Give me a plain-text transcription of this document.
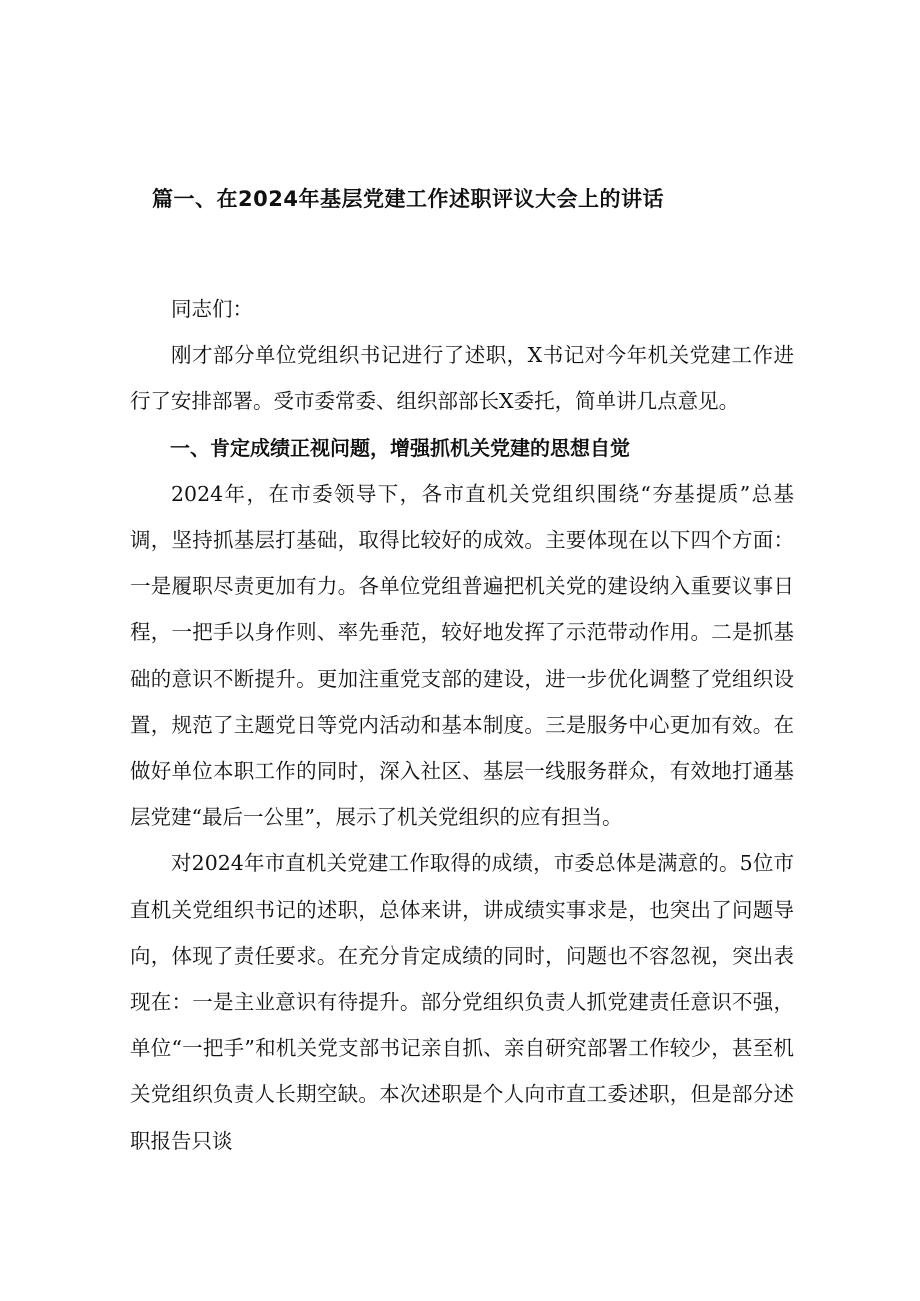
篇一、在2024年基层党建工作述职评议大会上的讲话

同志们：

刚才部分单位党组织书记进行了述职，X书记对今年机关党建工作进行了安排部署。受市委常委、组织部部长X委托，简单讲几点意见。

一、肯定成绩正视问题，增强抓机关党建的思想自觉

2024年，在市委领导下，各市直机关党组织围绕“夯基提质”总基调，坚持抓基层打基础，取得比较好的成效。主要体现在以下四个方面：一是履职尽责更加有力。各单位党组普遍把机关党的建设纳入重要议事日程，一把手以身作则、率先垂范，较好地发挥了示范带动作用。二是抓基础的意识不断提升。更加注重党支部的建设，进一步优化调整了党组织设置，规范了主题党日等党内活动和基本制度。三是服务中心更加有效。在做好单位本职工作的同时，深入社区、基层一线服务群众，有效地打通基层党建“最后一公里”，展示了机关党组织的应有担当。

对2024年市直机关党建工作取得的成绩，市委总体是满意的。5位市直机关党组织书记的述职，总体来讲，讲成绩实事求是，也突出了问题导向，体现了责任要求。在充分肯定成绩的同时，问题也不容忽视，突出表现在：一是主业意识有待提升。部分党组织负责人抓党建责任意识不强，单位“一把手”和机关党支部书记亲自抓、亲自研究部署工作较少，甚至机关党组织负责人长期空缺。本次述职是个人向市直工委述职，但是部分述职报告只谈
